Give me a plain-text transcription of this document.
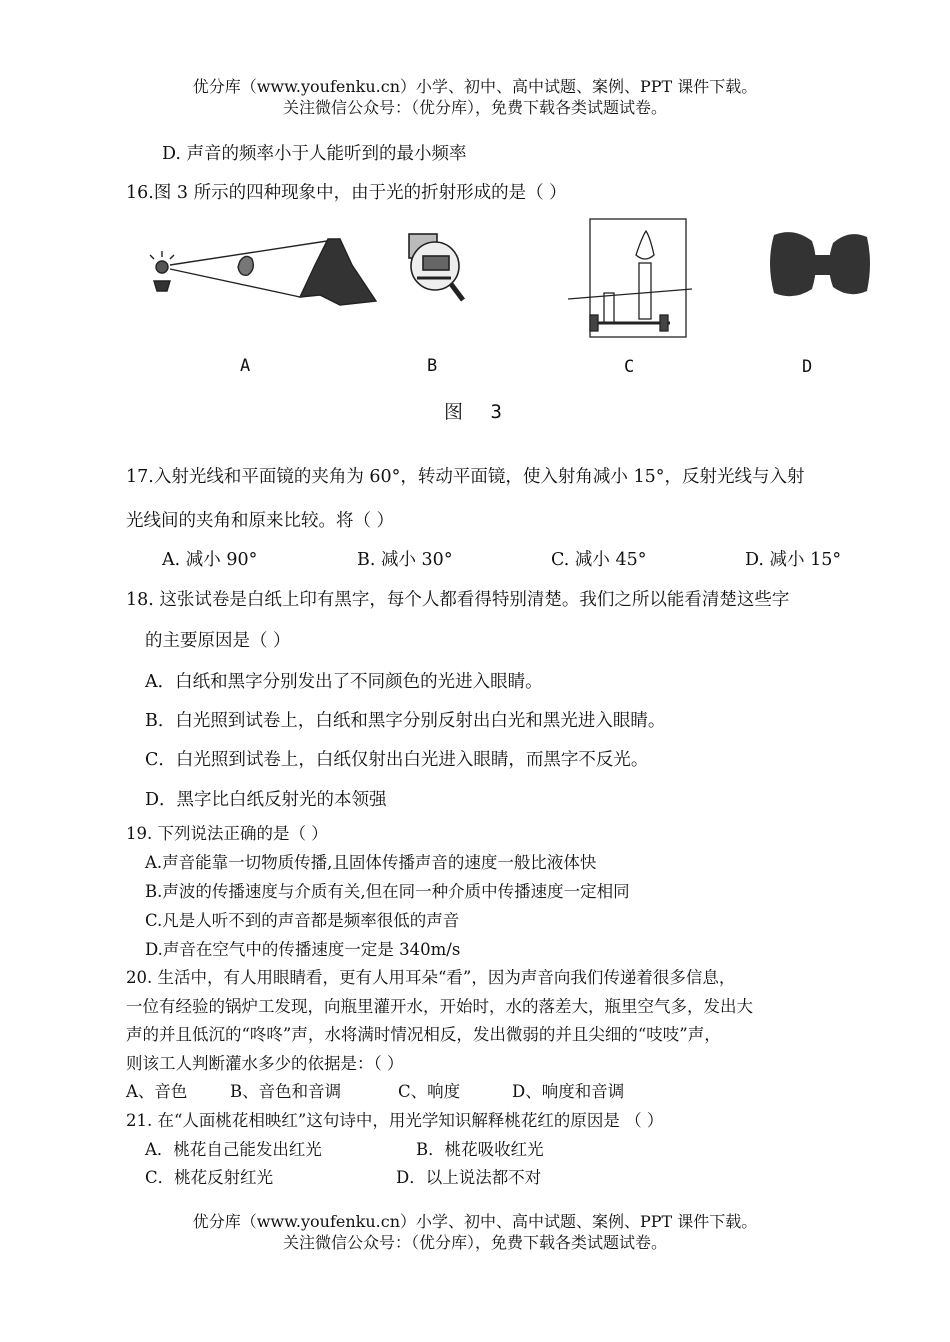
优分库（www.youfenku.cn）小学、初中、高中试题、案例、PPT 课件下载。
关注微信公众号：（优分库），免费下载各类试题试卷。
D. 声音的频率小于人能听到的最小频率
16.图 3 所示的四种现象中，由于光的折射形成的是（ ）
A	B	C	D
图 3
17.入射光线和平面镜的夹角为 60°，转动平面镜，使入射角减小 15°，反射光线与入射
光线间的夹角和原来比较。将（ ）
A. 减小 90°	B. 减小 30°	C. 减小 45°	D. 减小 15°
18. 这张试卷是白纸上印有黑字，每个人都看得特别清楚。我们之所以能看清楚这些字
的主要原因是（ ）
A．白纸和黑字分别发出了不同颜色的光进入眼睛。
B．白光照到试卷上，白纸和黑字分别反射出白光和黑光进入眼睛。
C．白光照到试卷上，白纸仅射出白光进入眼睛，而黑字不反光。
D．黑字比白纸反射光的本领强
19. 下列说法正确的是（ ）
A.声音能靠一切物质传播,且固体传播声音的速度一般比液体快
B.声波的传播速度与介质有关,但在同一种介质中传播速度一定相同
C.凡是人听不到的声音都是频率很低的声音
D.声音在空气中的传播速度一定是 340m/s
20. 生活中，有人用眼睛看，更有人用耳朵“看”，因为声音向我们传递着很多信息，
一位有经验的锅炉工发现，向瓶里灌开水，开始时，水的落差大，瓶里空气多，发出大
声的并且低沉的“咚咚”声，水将满时情况相反，发出微弱的并且尖细的“吱吱”声，
则该工人判断灌水多少的依据是：（ ）
A、音色	B、音色和音调	C、响度	D、响度和音调
21. 在“人面桃花相映红”这句诗中，用光学知识解释桃花红的原因是 （ ）
A．桃花自己能发出红光	B．桃花吸收红光
C．桃花反射红光	D．以上说法都不对
优分库（www.youfenku.cn）小学、初中、高中试题、案例、PPT 课件下载。
关注微信公众号：（优分库），免费下载各类试题试卷。
